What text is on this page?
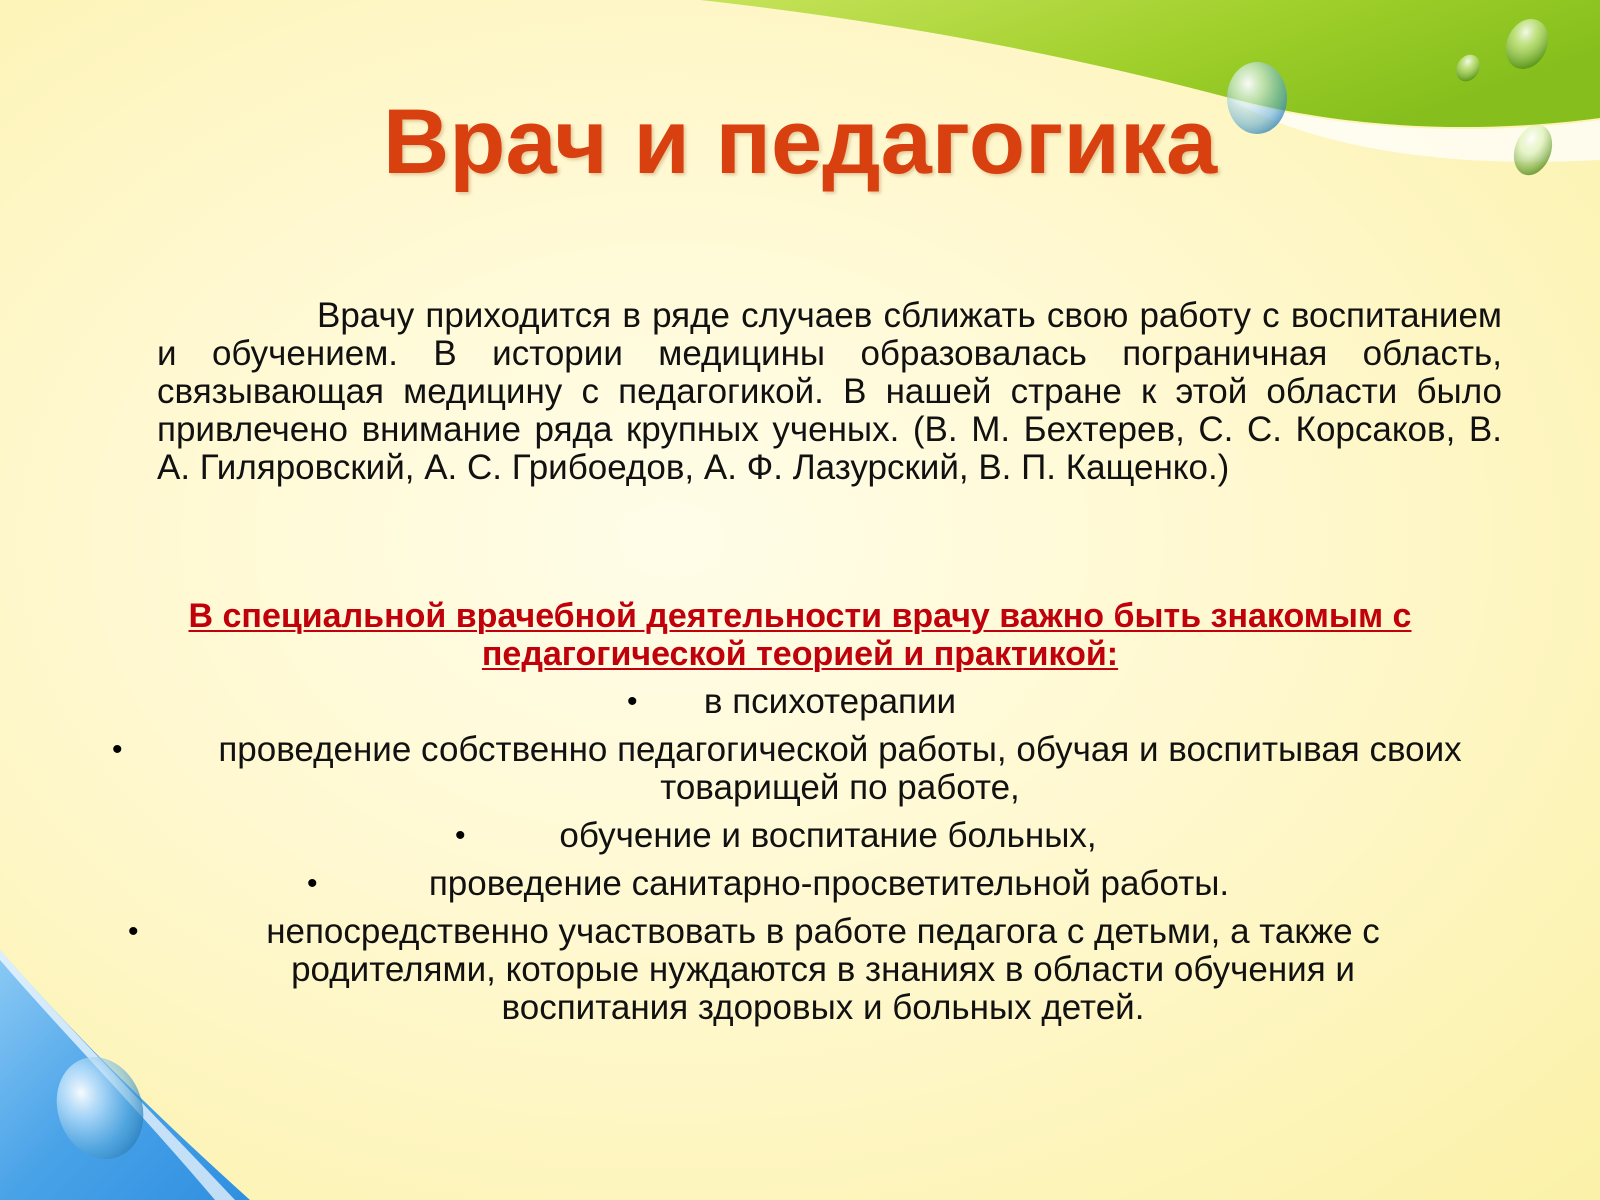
Врач и педагогика

Врачу приходится в ряде случаев сближать свою работу с воспитанием и обучением. В истории медицины образовалась пограничная область, связывающая медицину с педагогикой. В нашей стране к этой области было привлечено внимание ряда крупных ученых. (В. М. Бехтерев, С. С. Корсаков, В. А. Гиляровский, А. С. Грибоедов, А. Ф. Лазурский, В. П. Кащенко.)

В специальной врачебной деятельности врачу важно быть знакомым с педагогической теорией и практикой:

• в психотерапии
•	проведение собственно педагогической работы, обучая и воспитывая своих товарищей по работе,
•	обучение и воспитание больных,
•	проведение санитарно-просветительной работы.
•	непосредственно участвовать в работе педагога с детьми, а также с родителями, которые нуждаются в знаниях в области обучения и воспитания здоровых и больных детей.
